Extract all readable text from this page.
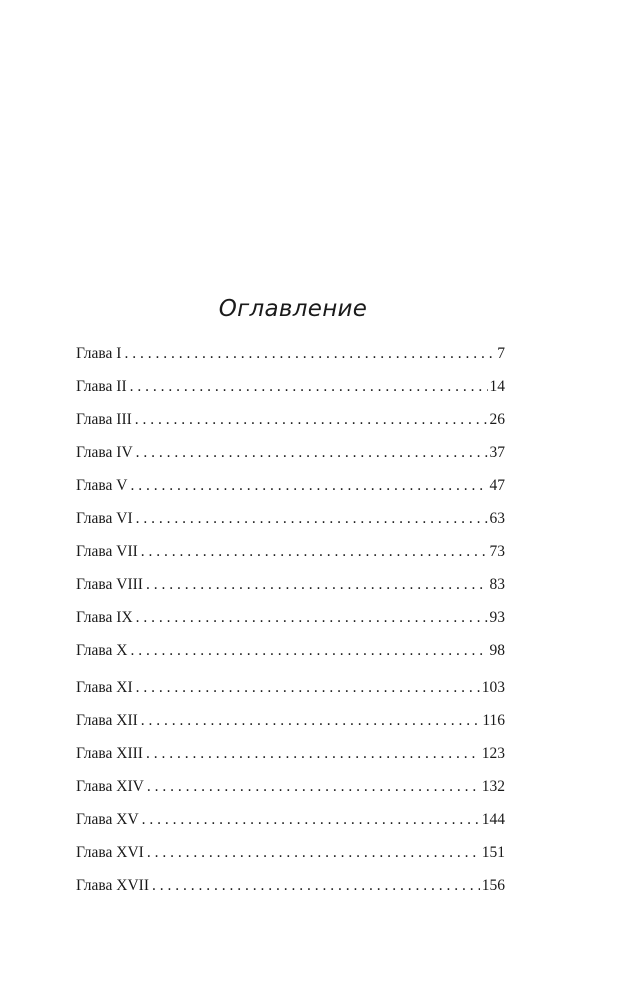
Оглавление
Глава I . . .	7
Глава II . . .	14
Глава III . . .	26
Глава IV . . .	37
Глава V . . .	47
Глава VI . . .	63
Глава VII . . .	73
Глава VIII . . .	83
Глава IX . . .	93
Глава X . . .	98
Глава XI . . .	103
Глава XII . . .	116
Глава XIII . . .	123
Глава XIV . . .	132
Глава XV . . .	144
Глава XVI . . .	151
Глава XVII . . .	156
